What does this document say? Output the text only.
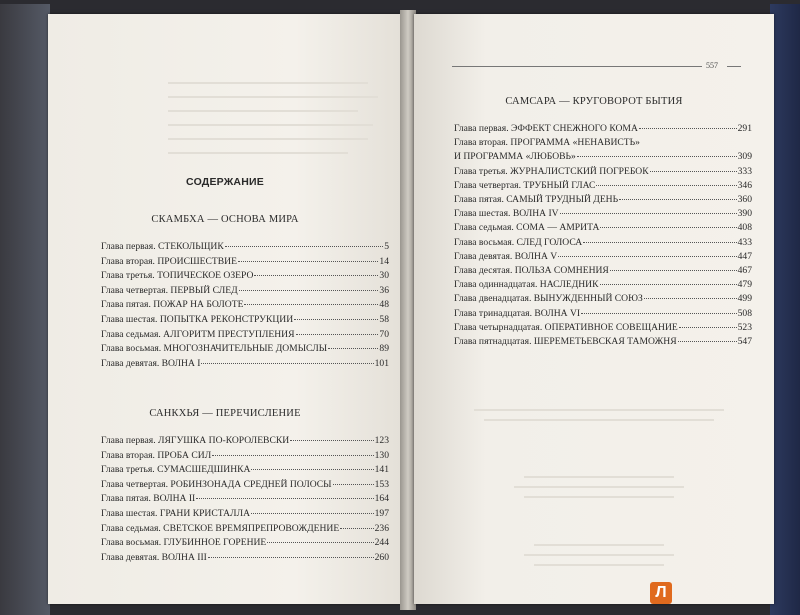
СОДЕРЖАНИЕ
СКАМБХА — ОСНОВА МИРА
Глава первая. СТЕКОЛЬЩИК	5
Глава вторая. ПРОИСШЕСТВИЕ	14
Глава третья. ТОПИЧЕСКОЕ ОЗЕРО	30
Глава четвертая. ПЕРВЫЙ СЛЕД	36
Глава пятая. ПОЖАР НА БОЛОТЕ	48
Глава шестая. ПОПЫТКА РЕКОНСТРУКЦИИ	58
Глава седьмая. АЛГОРИТМ ПРЕСТУПЛЕНИЯ	70
Глава восьмая. МНОГОЗНАЧИТЕЛЬНЫЕ ДОМЫСЛЫ	89
Глава девятая. ВОЛНА I	101
САНКХЬЯ — ПЕРЕЧИСЛЕНИЕ
Глава первая. ЛЯГУШКА ПО-КОРОЛЕВСКИ	123
Глава вторая. ПРОБА СИЛ	130
Глава третья. СУМАСШЕДШИНКА	141
Глава четвертая. РОБИНЗОНАДА СРЕДНЕЙ ПОЛОСЫ	153
Глава пятая. ВОЛНА II	164
Глава шестая. ГРАНИ КРИСТАЛЛА	197
Глава седьмая. СВЕТСКОЕ ВРЕМЯПРЕПРОВОЖДЕНИЕ	236
Глава восьмая. ГЛУБИННОЕ ГОРЕНИЕ	244
Глава девятая. ВОЛНА III	260
557
САМСАРА — КРУГОВОРОТ БЫТИЯ
Глава первая. ЭФФЕКТ СНЕЖНОГО КОМА	291
Глава вторая. ПРОГРАММА «НЕНАВИСТЬ»
И ПРОГРАММА «ЛЮБОВЬ»	309
Глава третья. ЖУРНАЛИСТСКИЙ ПОГРЕБОК	333
Глава четвертая. ТРУБНЫЙ ГЛАС	346
Глава пятая. САМЫЙ ТРУДНЫЙ ДЕНЬ	360
Глава шестая. ВОЛНА IV	390
Глава седьмая. СОМА — АМРИТА	408
Глава восьмая. СЛЕД ГОЛОСА	433
Глава девятая. ВОЛНА V	447
Глава десятая. ПОЛЬЗА СОМНЕНИЯ	467
Глава одиннадцатая. НАСЛЕДНИК	479
Глава двенадцатая. ВЫНУЖДЕННЫЙ СОЮЗ	499
Глава тринадцатая. ВОЛНА VI	508
Глава четырнадцатая. ОПЕРАТИВНОЕ СОВЕЩАНИЕ	523
Глава пятнадцатая. ШЕРЕМЕТЬЕВСКАЯ ТАМОЖНЯ	547
Л
